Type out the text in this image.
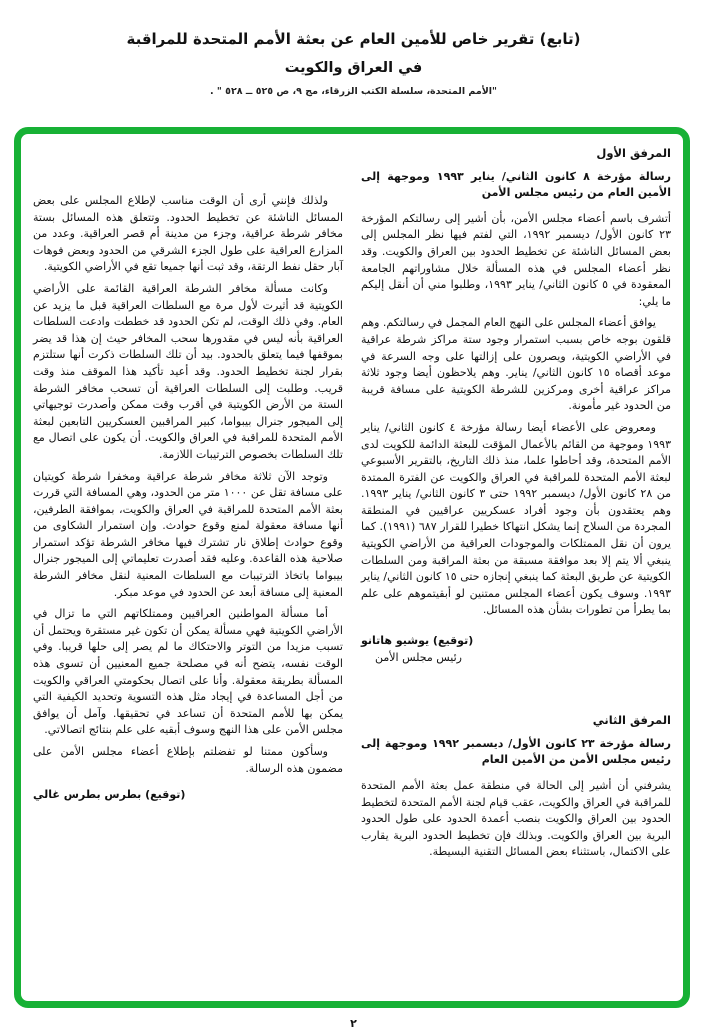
(تابع) تقرير خاص للأمين العام عن بعثة الأمم المتحدة للمراقبة
في العراق والكويت
"الأمم المتحدة، سلسلة الكتب الزرقاء، مج ٩، ص ٥٢٥ ــ ٥٢٨ " .
المرفق الأول

رسالة مؤرخة ٨ كانون الثاني/ يناير ١٩٩٣ وموجهة إلى الأمين العام من رئيس مجلس الأمن

أتشرف باسم أعضاء مجلس الأمن، بأن أشير إلى رسالتكم المؤرخة ٢٣ كانون الأول/ ديسمبر ١٩٩٢، التي لفتم فيها نظر المجلس إلى بعض المسائل الناشئة عن تخطيط الحدود بين العراق والكويت. وقد نظر أعضاء المجلس في هذه المسألة خلال مشاوراتهم الجامعة المعقودة في ٥ كانون الثاني/ يناير ١٩٩٣، وطلبوا مني أن أنقل إليكم ما يلي:

يوافق أعضاء المجلس على النهج العام المجمل في رسالتكم. وهم قلقون بوجه خاص بسبب استمرار وجود ستة مراكز شرطة عراقية في الأراضي الكويتية، ويصرون على إزالتها على وجه السرعة في موعد أقصاه ١٥ كانون الثاني/ يناير. وهم يلاحظون أيضا وجود ثلاثة مراكز عراقية أخرى ومركزين للشرطة الكويتية على مسافة قريبة من الحدود غير مأمونة.

ومعروض على الأعضاء أيضا رسالة مؤرخة ٤ كانون الثاني/ يناير ١٩٩٣ وموجهة من القائم بالأعمال المؤقت للبعثة الدائمة للكويت لدى الأمم المتحدة، وقد أحاطوا علما، منذ ذلك التاريخ، بالتقرير الأسبوعي لبعثة الأمم المتحدة للمراقبة في العراق والكويت عن الفترة الممتدة من ٢٨ كانون الأول/ ديسمبر ١٩٩٢ حتى ٣ كانون الثاني/ يناير ١٩٩٣. وهم يعتقدون بأن وجود أفراد عسكريين عراقيين في المنطقة المجردة من السلاح إنما يشكل انتهاكا خطيرا للقرار ٦٨٧ (١٩٩١). كما يرون أن نقل الممتلكات والموجودات العراقية من الأراضي الكويتية ينبغي ألا يتم إلا بعد موافقة مسبقة من بعثة المراقبة ومن السلطات الكويتية عن طريق البعثة كما ينبغي إنجازه حتى ١٥ كانون الثاني/ يناير ١٩٩٣. وسوف يكون أعضاء المجلس ممتنين لو أبقيتموهم على علم بما يطرأ من تطورات بشأن هذه المسائل.

(توقيع) يوشيو هاتانو
رئيس مجلس الأمن
المرفق الثاني

رسالة مؤرخة ٢٣ كانون الأول/ ديسمبر ١٩٩٢ وموجهة إلى رئيس مجلس الأمن من الأمين العام

يشرفني أن أشير إلى الحالة في منطقة عمل بعثة الأمم المتحدة للمراقبة في العراق والكويت، عقب قيام لجنة الأمم المتحدة لتخطيط الحدود بين العراق والكويت بنصب أعمدة الحدود على طول الحدود البرية بين العراق والكويت. وبذلك فإن تخطيط الحدود البرية يقارب على الاكتمال، باستثناء بعض المسائل التقنية البسيطة.

ولذلك فإنني أرى أن الوقت مناسب لإطلاع المجلس على بعض المسائل الناشئة عن تخطيط الحدود. وتتعلق هذه المسائل بستة مخافر شرطة عراقية، وجزء من مدينة أم قصر العراقية. وعدد من المزارع العراقية على طول الجزء الشرقي من الحدود وبعض فوهات آبار حقل نفط الرتقة، وقد ثبت أنها جميعا تقع في الأراضي الكويتية.

وكانت مسألة مخافر الشرطة العراقية القائمة على الأراضي الكويتية قد أثيرت لأول مرة مع السلطات العراقية قبل ما يزيد عن العام. وفي ذلك الوقت، لم تكن الحدود قد خططت وادعت السلطات العراقية بأنه ليس في مقدورها سحب المخافر حيث إن هذا قد يضر بموقفها فيما يتعلق بالحدود. بيد أن تلك السلطات ذكرت أنها ستلتزم بقرار لجنة تخطيط الحدود. وقد أعيد تأكيد هذا الموقف منذ وقت قريب. وطلبت إلى السلطات العراقية أن تسحب مخافر الشرطة الستة من الأرض الكويتية في أقرب وقت ممكن وأصدرت توجيهاتي إلى الميجور جنرال بيبواما، كبير المراقبين العسكريين التابعين لبعثة الأمم المتحدة للمراقبة في العراق والكويت. أن يكون على اتصال مع تلك السلطات بخصوص الترتيبات اللازمة.

وتوجد الآن ثلاثة مخافر شرطة عراقية ومخفرا شرطة كويتيان على مسافة تقل عن ١٠٠٠ متر من الحدود، وهي المسافة التي قررت بعثة الأمم المتحدة للمراقبة في العراق والكويت، بموافقة الطرفين، أنها مسافة معقولة لمنع وقوع حوادث. وإن استمرار الشكاوى من وقوع حوادث إطلاق نار تشترك فيها مخافر الشرطة تؤكد استمرار صلاحية هذه القاعدة. وعليه فقد أصدرت تعليماتي إلى الميجور جنرال بيبواما باتخاذ الترتيبات مع السلطات المعنية لنقل مخافر الشرطة المعنية إلى مسافة أبعد عن الحدود في موعد مبكر.

أما مسألة المواطنين العراقيين وممتلكاتهم التي ما تزال في الأراضي الكويتية فهي مسألة يمكن أن تكون غير مستقرة ويحتمل أن تسبب مزيدا من التوتر والاحتكاك ما لم يصر إلى حلها قريبا. وفي الوقت نفسه، يتضح أنه في مصلحة جميع المعنيين أن تسوى هذه المسألة بطريقة معقولة. وأنا على اتصال بحكومتي العراقي والكويت من أجل المساعدة في إيجاد مثل هذه التسوية وتحديد الكيفية التي يمكن بها للأمم المتحدة أن تساعد في تحقيقها. وآمل أن يوافق مجلس الأمن على هذا النهج وسوف أبقيه على علم بنتائج اتصالاتي.

وسأكون ممتنا لو تفضلتم بإطلاع أعضاء مجلس الأمن على مضمون هذه الرسالة.

(توقيع) بطرس بطرس غالي
٢
